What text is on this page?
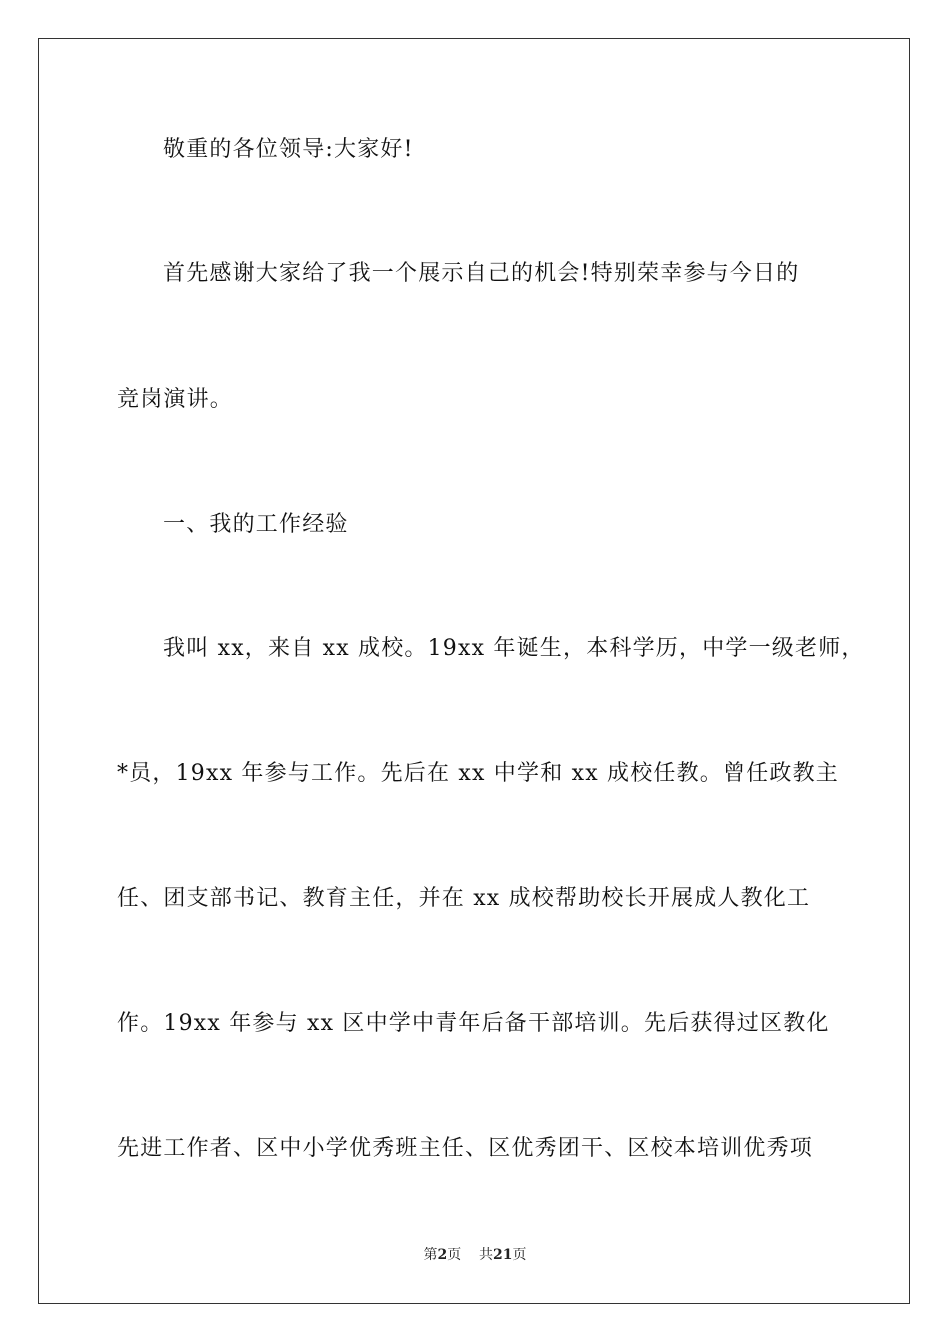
敬重的各位领导:大家好!
首先感谢大家给了我一个展示自己的机会!特别荣幸参与今日的
竞岗演讲。
一、我的工作经验
我叫 xx，来自 xx 成校。19xx 年诞生，本科学历，中学一级老师，
*员，19xx 年参与工作。先后在 xx 中学和 xx 成校任教。曾任政教主
任、团支部书记、教育主任，并在 xx 成校帮助校长开展成人教化工
作。19xx 年参与 xx 区中学中青年后备干部培训。先后获得过区教化
先进工作者、区中小学优秀班主任、区优秀团干、区校本培训优秀项
第2页 共21页
